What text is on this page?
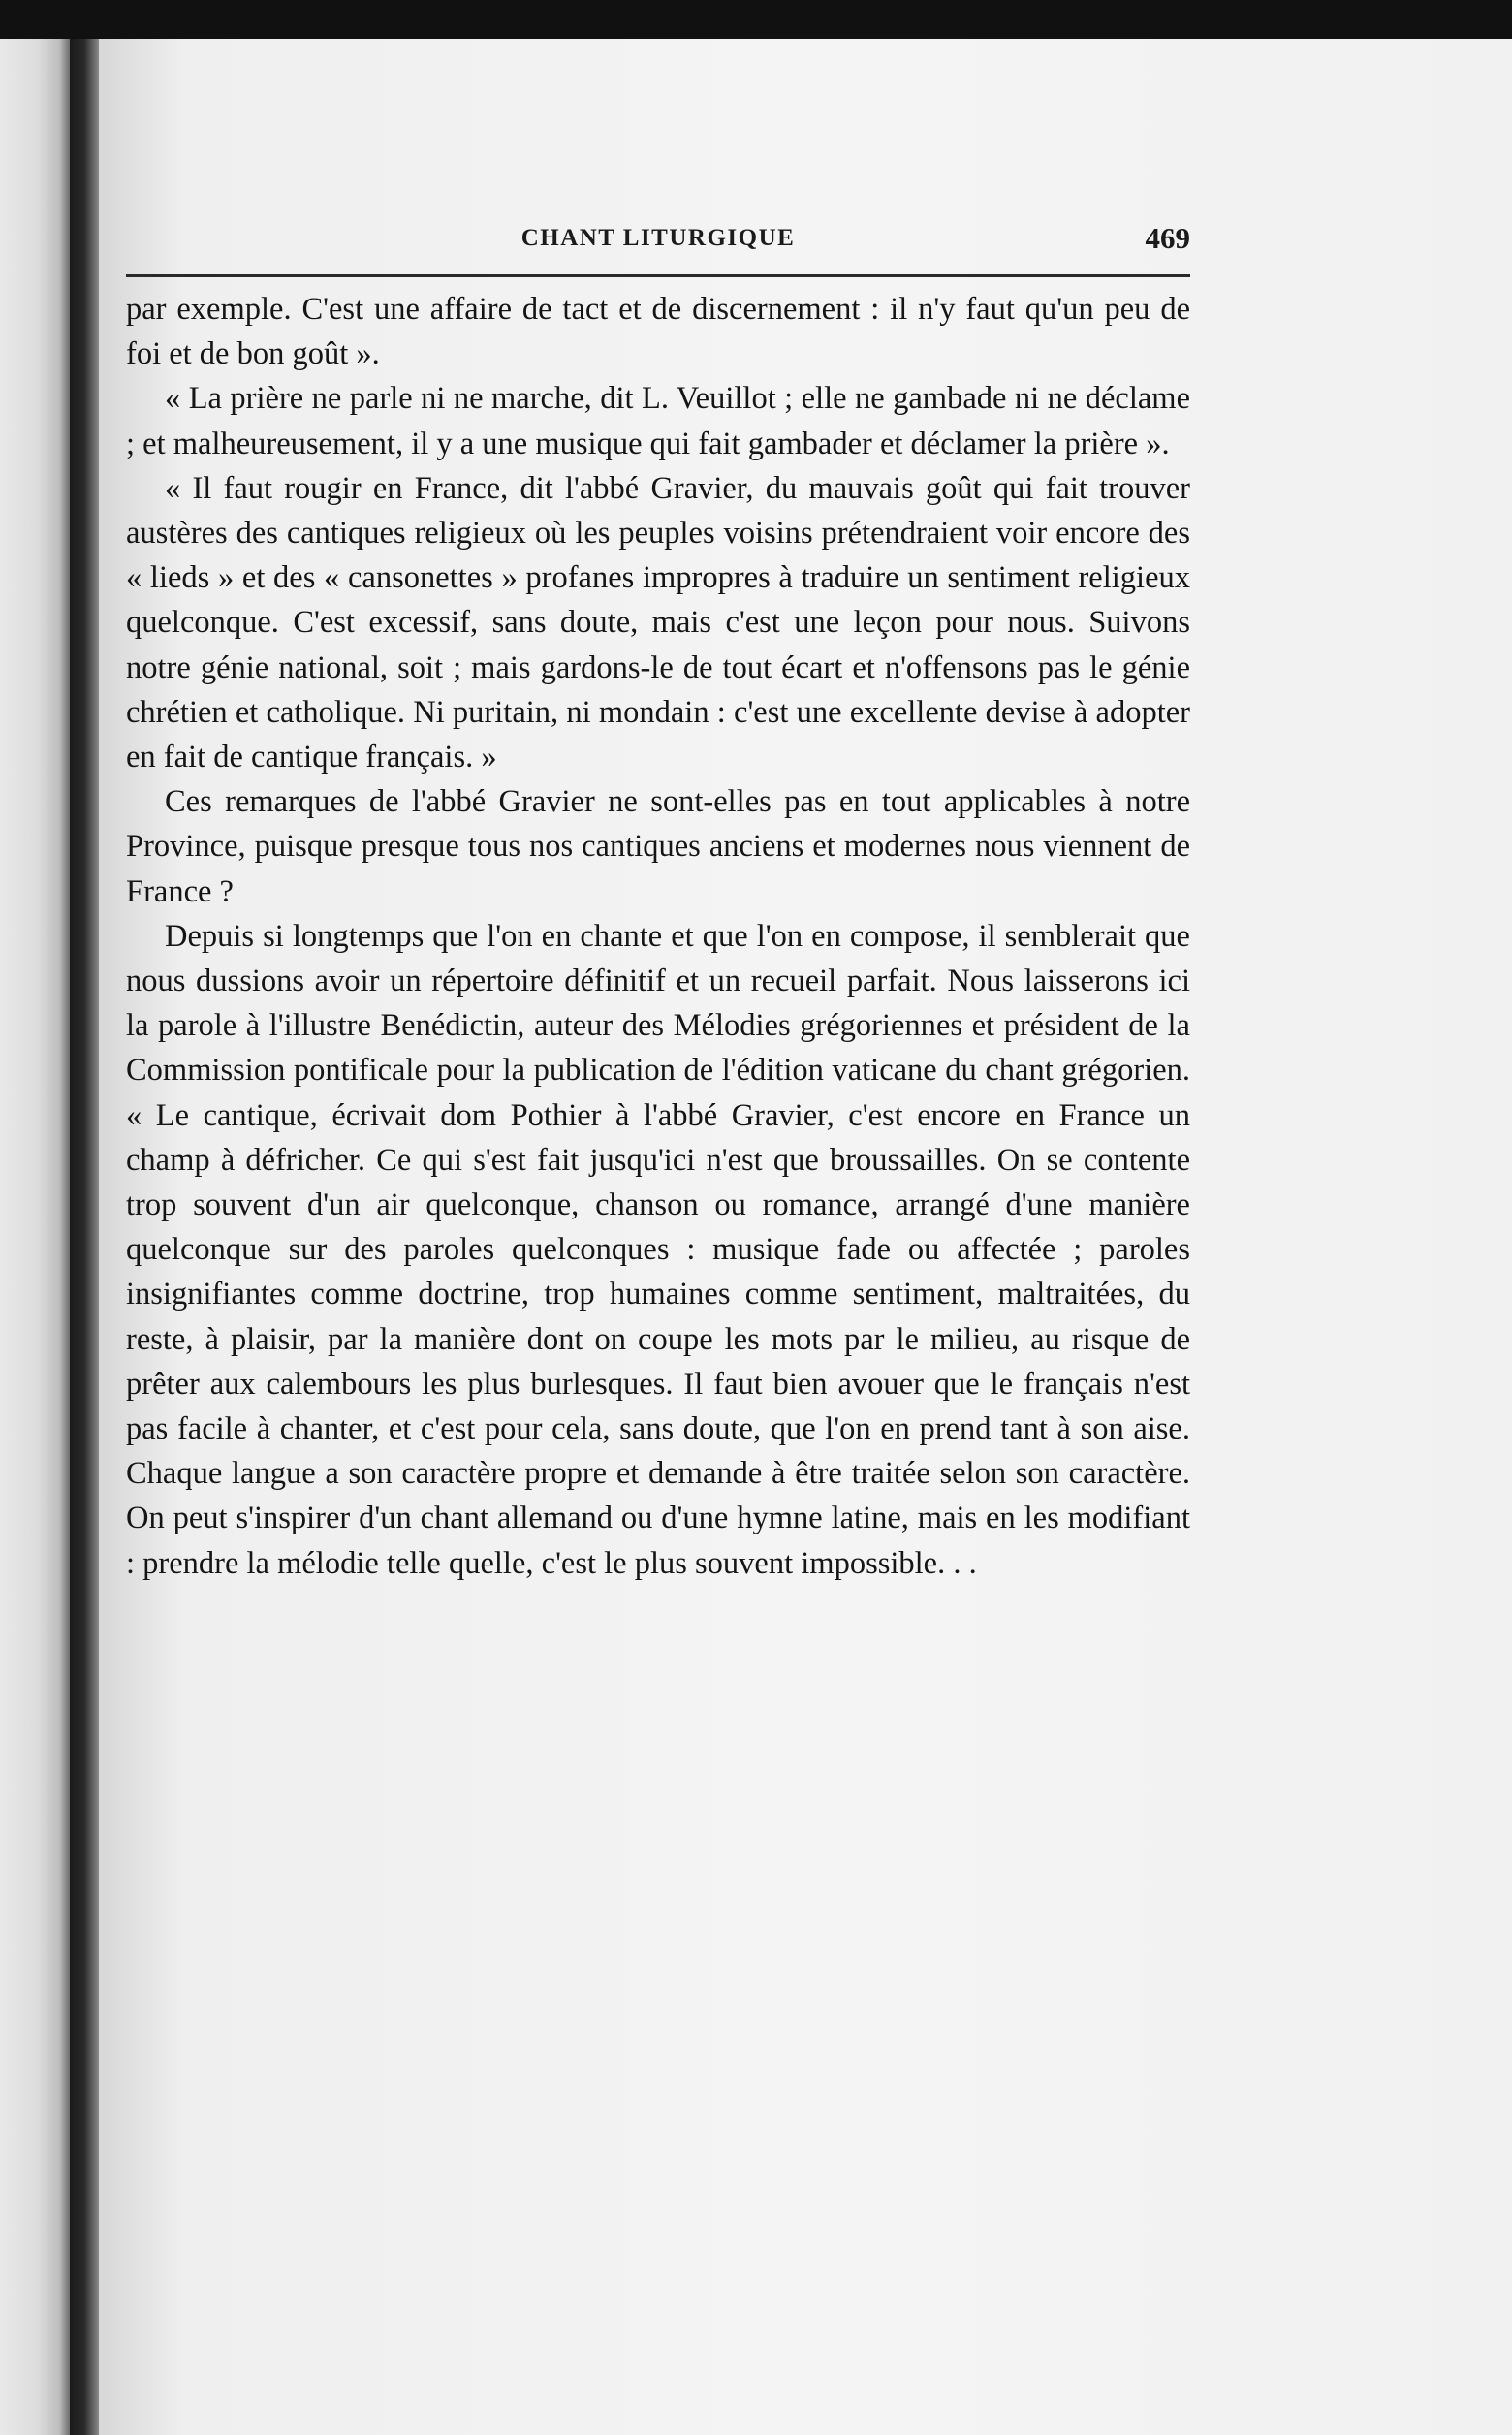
CHANT LITURGIQUE	469

par exemple. C'est une affaire de tact et de discernement : il n'y faut qu'un peu de foi et de bon goût ».

« La prière ne parle ni ne marche, dit L. Veuillot ; elle ne gambade ni ne déclame ; et malheureusement, il y a une musique qui fait gambader et déclamer la prière ».

« Il faut rougir en France, dit l'abbé Gravier, du mauvais goût qui fait trouver austères des cantiques religieux où les peuples voisins prétendraient voir encore des « lieds » et des « cansonettes » profanes impropres à traduire un sentiment religieux quelconque. C'est excessif, sans doute, mais c'est une leçon pour nous. Suivons notre génie national, soit ; mais gardons-le de tout écart et n'offensons pas le génie chrétien et catholique. Ni puritain, ni mondain : c'est une excellente devise à adopter en fait de cantique français. »

Ces remarques de l'abbé Gravier ne sont-elles pas en tout applicables à notre Province, puisque presque tous nos cantiques anciens et modernes nous viennent de France ?

Depuis si longtemps que l'on en chante et que l'on en compose, il semblerait que nous dussions avoir un répertoire définitif et un recueil parfait. Nous laisserons ici la parole à l'illustre Benédictin, auteur des Mélodies grégoriennes et président de la Commission pontificale pour la publication de l'édition vaticane du chant grégorien. « Le cantique, écrivait dom Pothier à l'abbé Gravier, c'est encore en France un champ à défricher. Ce qui s'est fait jusqu'ici n'est que broussailles. On se contente trop souvent d'un air quelconque, chanson ou romance, arrangé d'une manière quelconque sur des paroles quelconques : musique fade ou affectée ; paroles insignifiantes comme doctrine, trop humaines comme sentiment, maltraitées, du reste, à plaisir, par la manière dont on coupe les mots par le milieu, au risque de prêter aux calembours les plus burlesques. Il faut bien avouer que le français n'est pas facile à chanter, et c'est pour cela, sans doute, que l'on en prend tant à son aise. Chaque langue a son caractère propre et demande à être traitée selon son caractère. On peut s'inspirer d'un chant allemand ou d'une hymne latine, mais en les modifiant : prendre la mélodie telle quelle, c'est le plus souvent impossible. . .
